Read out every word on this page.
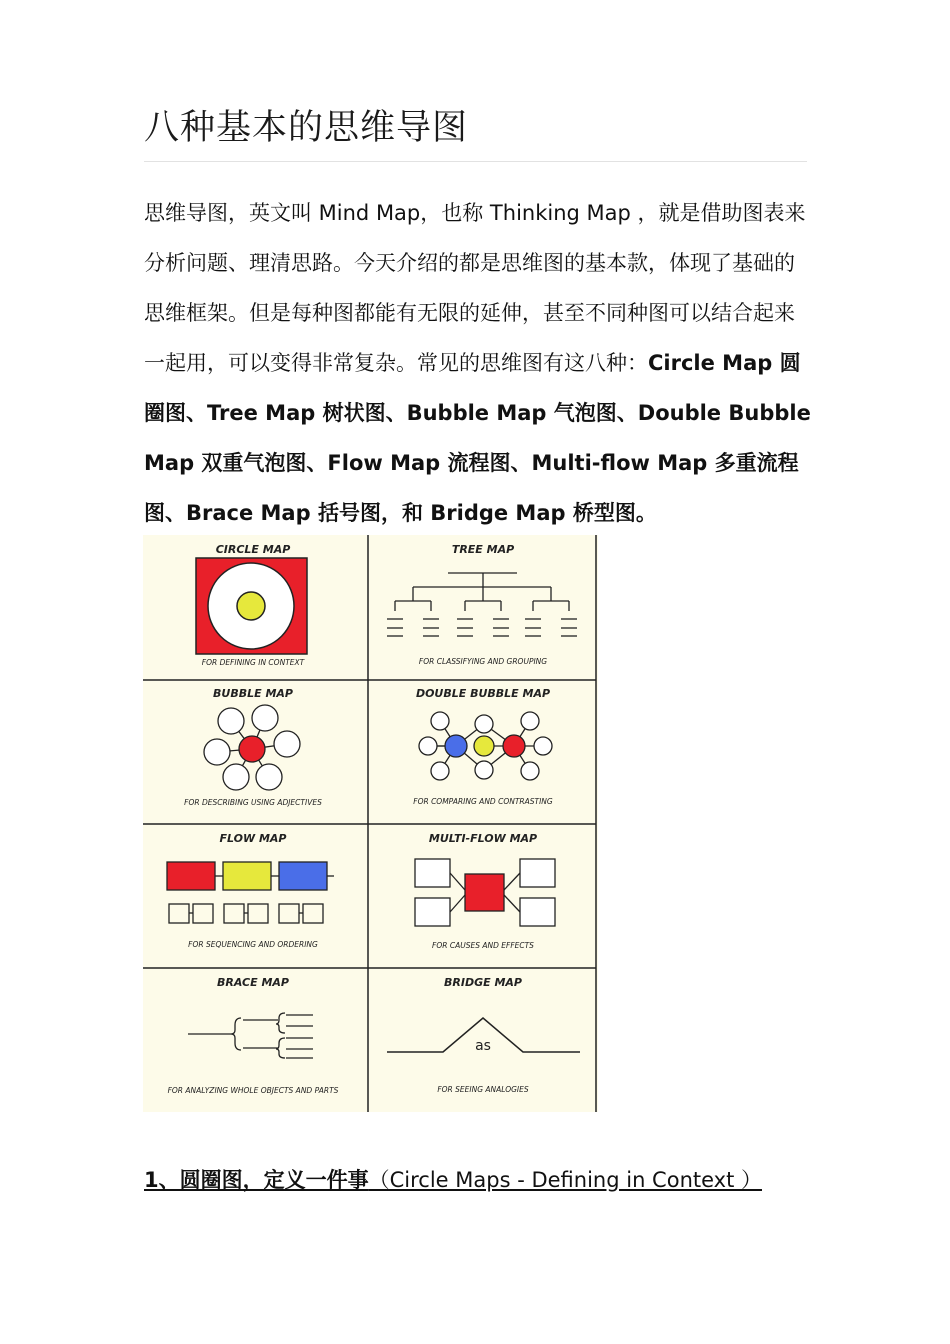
八种基本的思维导图

思维导图，英文叫 Mind Map，也称 Thinking Map ，就是借助图表来分析问题、理清思路。今天介绍的都是思维图的基本款，体现了基础的思维框架。但是每种图都能有无限的延伸，甚至不同种图可以结合起来一起用，可以变得非常复杂。常见的思维图有这八种：Circle Map 圆圈图、Tree Map 树状图、Bubble Map 气泡图、Double Bubble Map 双重气泡图、Flow Map 流程图、Multi-flow Map 多重流程图、Brace Map 括号图，和 Bridge Map 桥型图。

CIRCLE MAP	TREE MAP
BUBBLE MAP	DOUBLE BUBBLE MAP
FLOW MAP	MULTI-FLOW MAP
BRACE MAP	BRIDGE MAP
FOR DEFINING IN CONTEXT	FOR CLASSIFYING AND GROUPING
FOR DESCRIBING USING ADJECTIVES	FOR COMPARING AND CONTRASTING
FOR SEQUENCING AND ORDERING	FOR CAUSES AND EFFECTS
FOR ANALYZING WHOLE OBJECTS AND PARTS	FOR SEEING ANALOGIES
as
1、圆圈图，定义一件事（Circle Maps - Defining in Context ）
